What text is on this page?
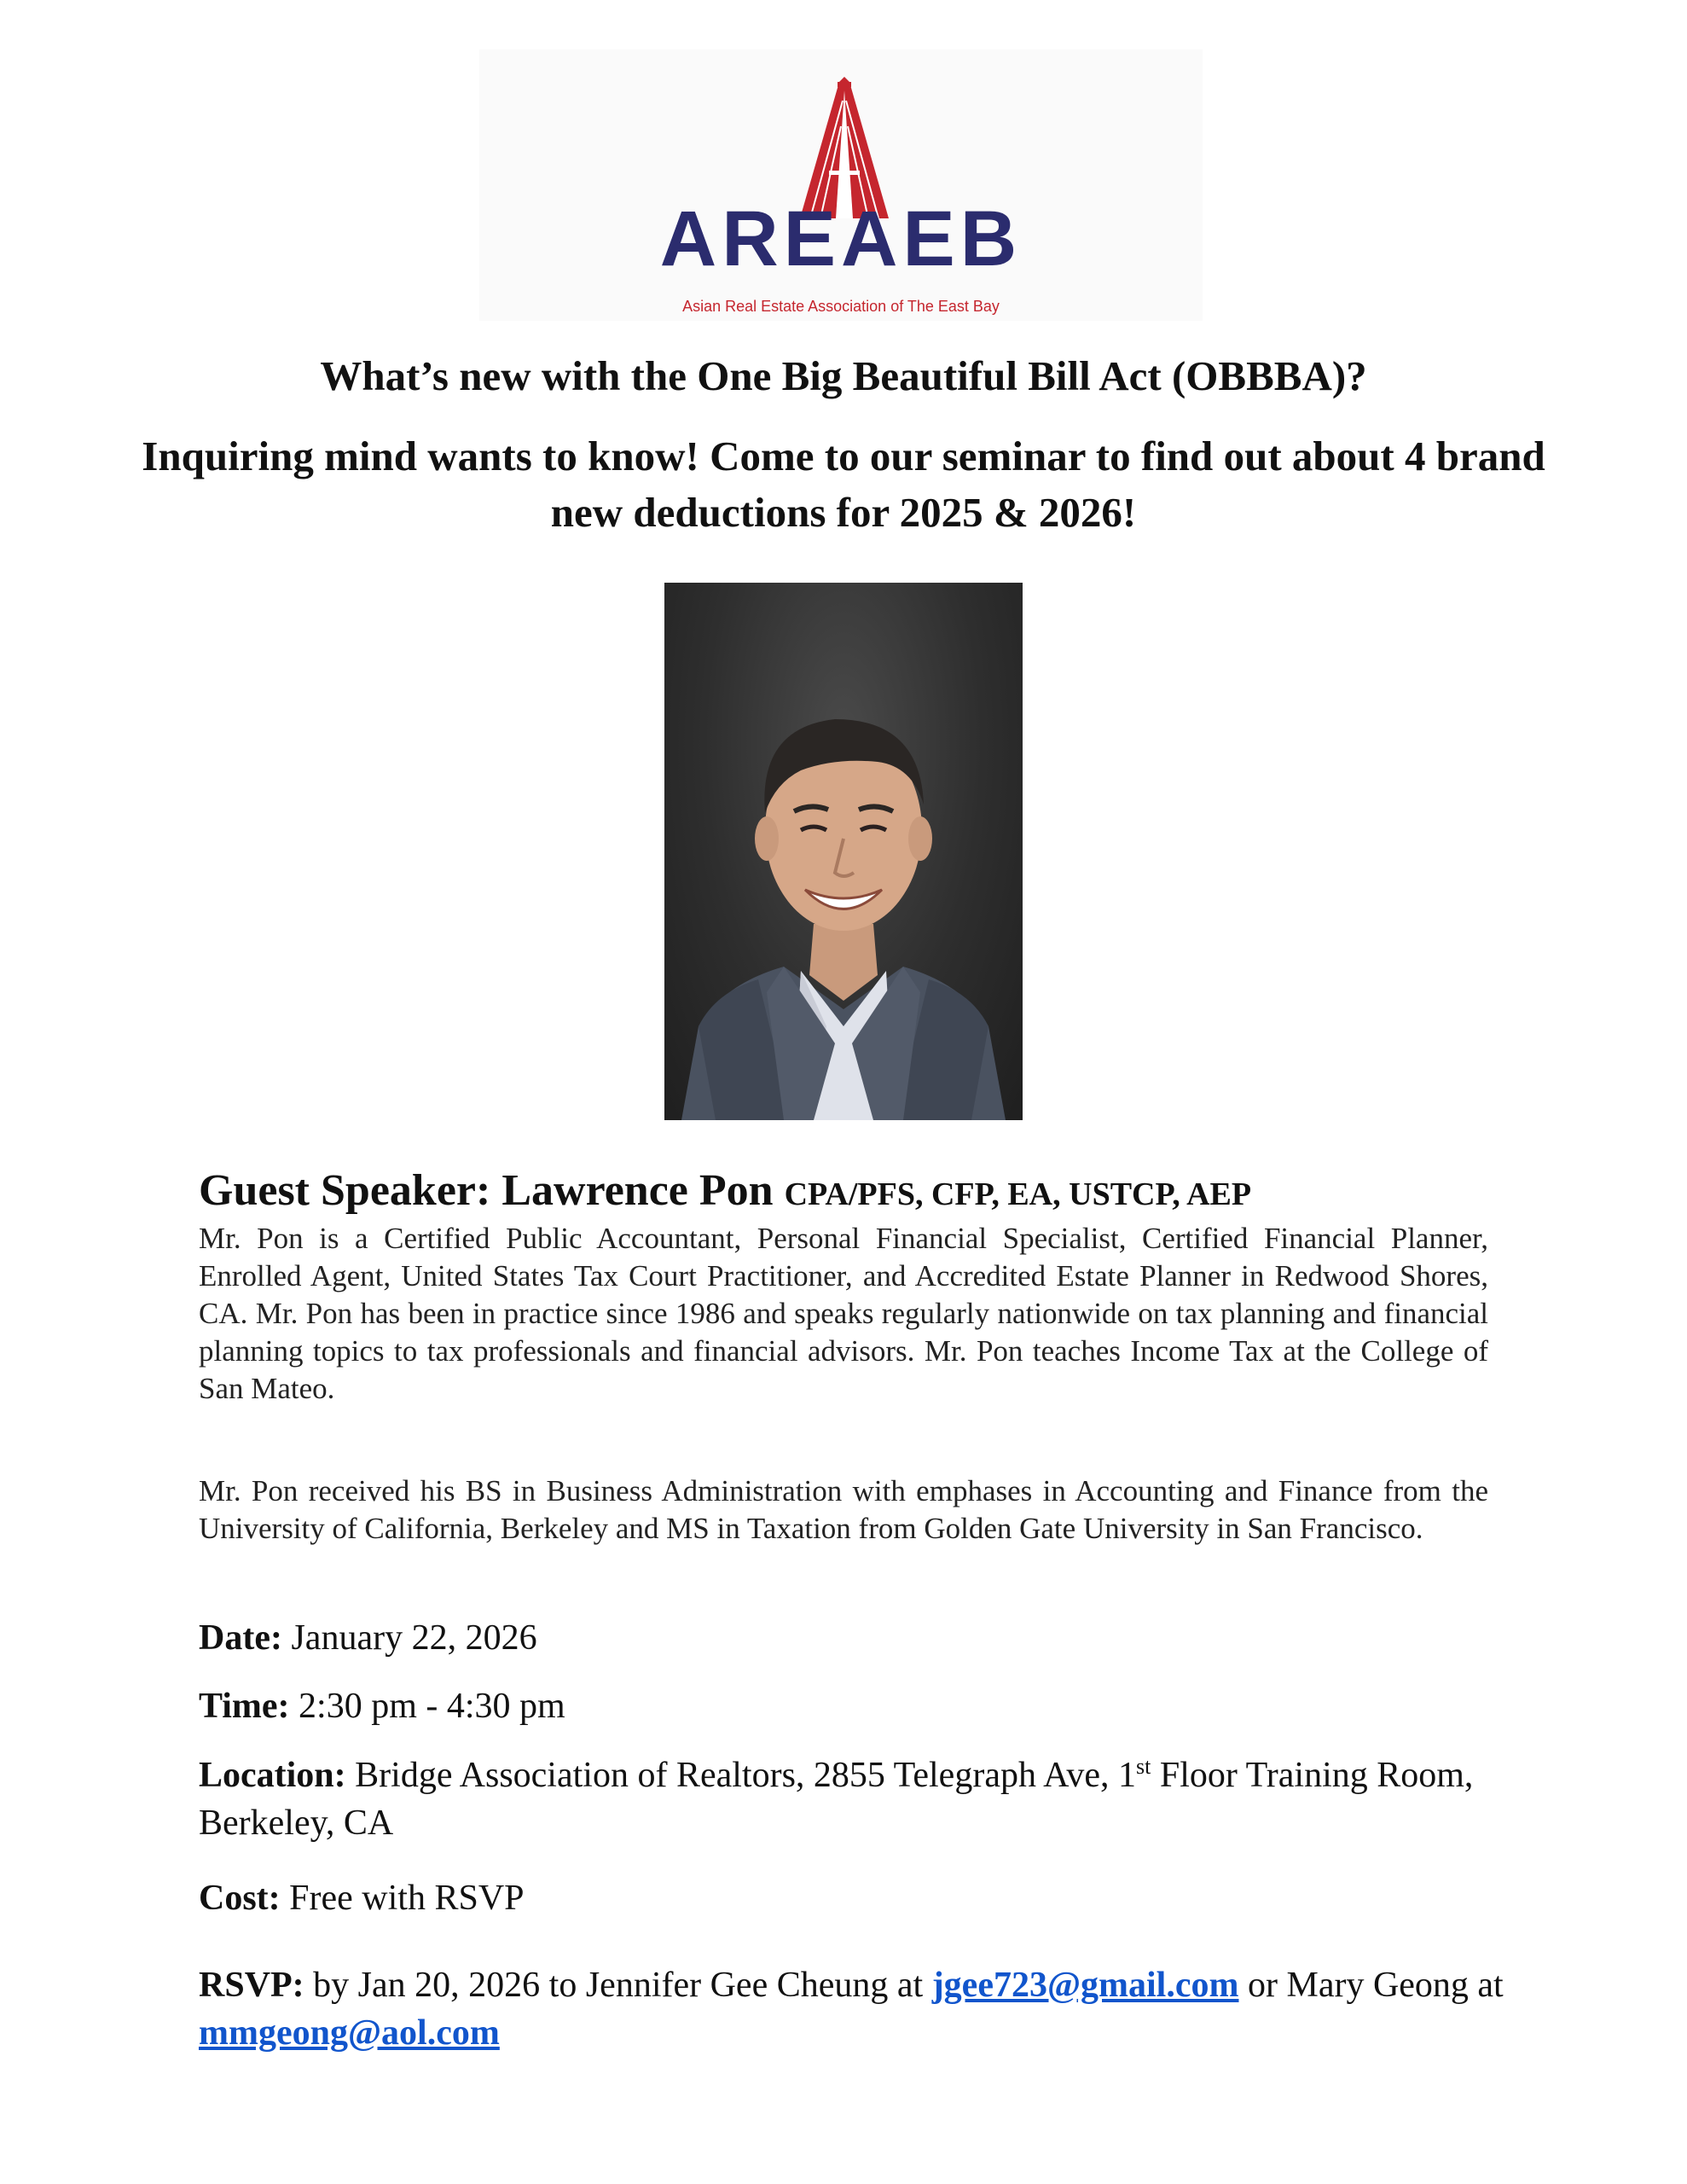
AREAEB
Asian Real Estate Association of The East Bay

What’s new with the One Big Beautiful Bill Act (OBBBA)?

Inquiring mind wants to know! Come to our seminar to find out about 4 brand new deductions for 2025 & 2026!

Guest Speaker: Lawrence Pon CPA/PFS, CFP, EA, USTCP, AEP

Mr. Pon is a Certified Public Accountant, Personal Financial Specialist, Certified Financial Planner, Enrolled Agent, United States Tax Court Practitioner, and Accredited Estate Planner in Redwood Shores, CA. Mr. Pon has been in practice since 1986 and speaks regularly nationwide on tax planning and financial planning topics to tax professionals and financial advisors. Mr. Pon teaches Income Tax at the College of San Mateo.

Mr. Pon received his BS in Business Administration with emphases in Accounting and Finance from the University of California, Berkeley and MS in Taxation from Golden Gate University in San Francisco.

Date: January 22, 2026

Time: 2:30 pm - 4:30 pm

Location: Bridge Association of Realtors, 2855 Telegraph Ave, 1st Floor Training Room, Berkeley, CA

Cost: Free with RSVP

RSVP: by Jan 20, 2026 to Jennifer Gee Cheung at jgee723@gmail.com or Mary Geong at mmgeong@aol.com
